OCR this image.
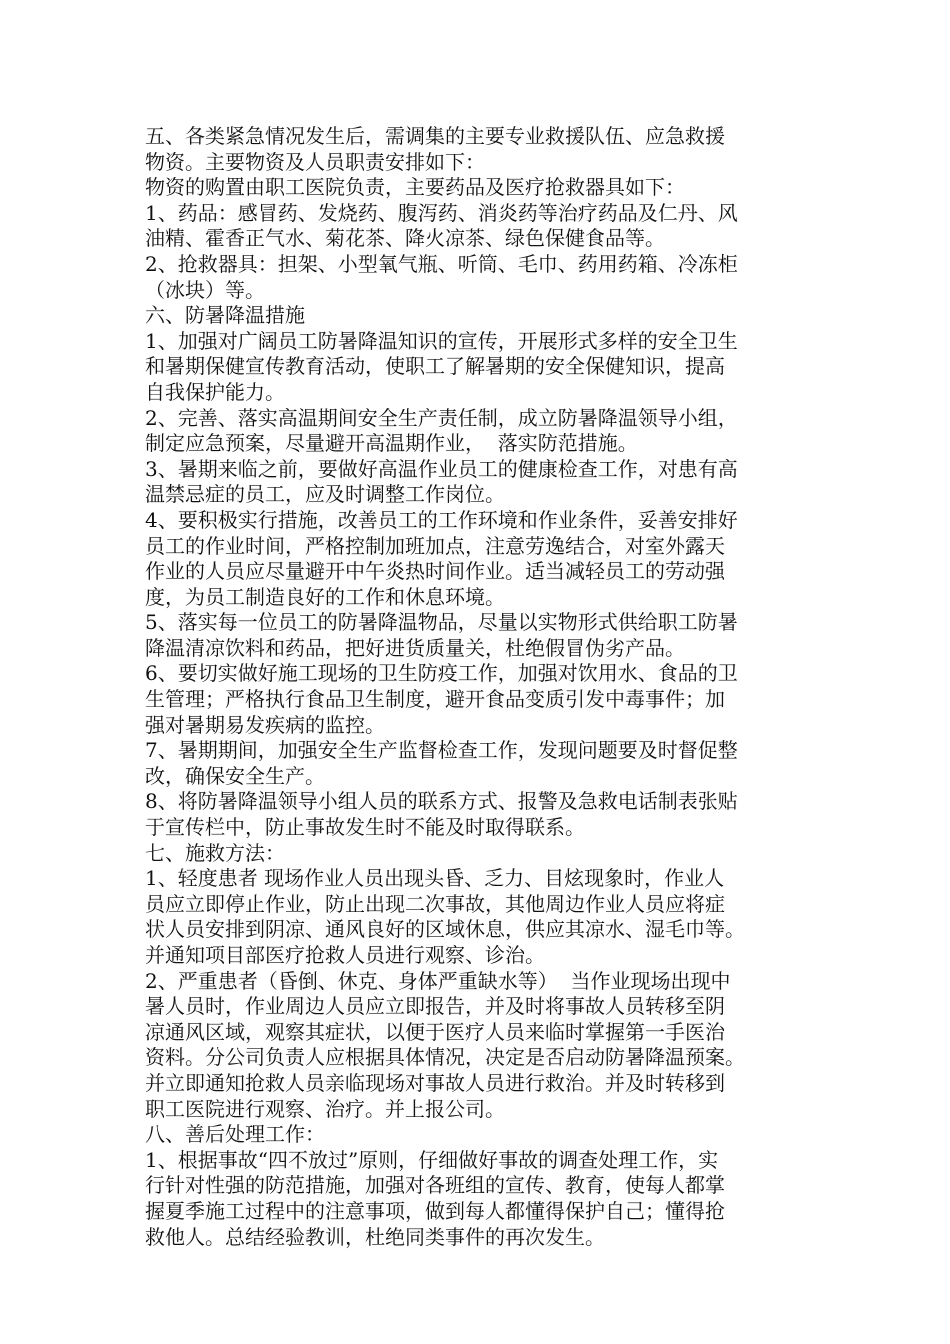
五、各类紧急情况发生后，需调集的主要专业救援队伍、应急救援
物资。主要物资及人员职责安排如下：
物资的购置由职工医院负责，主要药品及医疗抢救器具如下：
1、药品：感冒药、发烧药、腹泻药、消炎药等治疗药品及仁丹、风
油精、霍香正气水、菊花茶、降火凉茶、绿色保健食品等。
2、抢救器具：担架、小型氧气瓶、听筒、毛巾、药用药箱、冷冻柜
（冰块）等。
六、防暑降温措施
1、加强对广阔员工防暑降温知识的宣传，开展形式多样的安全卫生
和暑期保健宣传教育活动，使职工了解暑期的安全保健知识，提高
自我保护能力。
2、完善、落实高温期间安全生产责任制，成立防暑降温领导小组，
制定应急预案，尽量避开高温期作业，  落实防范措施。
3、暑期来临之前，要做好高温作业员工的健康检查工作，对患有高
温禁忌症的员工，应及时调整工作岗位。
4、要积极实行措施，改善员工的工作环境和作业条件，妥善安排好
员工的作业时间，严格控制加班加点，注意劳逸结合，对室外露天
作业的人员应尽量避开中午炎热时间作业。适当减轻员工的劳动强
度，为员工制造良好的工作和休息环境。
5、落实每一位员工的防暑降温物品，尽量以实物形式供给职工防暑
降温清凉饮料和药品，把好进货质量关，杜绝假冒伪劣产品。
6、要切实做好施工现场的卫生防疫工作，加强对饮用水、食品的卫
生管理；严格执行食品卫生制度，避开食品变质引发中毒事件；加
强对暑期易发疾病的监控。
7、暑期期间，加强安全生产监督检查工作，发现问题要及时督促整
改，确保安全生产。
8、将防暑降温领导小组人员的联系方式、报警及急救电话制表张贴
于宣传栏中，防止事故发生时不能及时取得联系。
七、施救方法：
1、轻度患者 现场作业人员出现头昏、乏力、目炫现象时，作业人
员应立即停止作业，防止出现二次事故，其他周边作业人员应将症
状人员安排到阴凉、通风良好的区域休息，供应其凉水、湿毛巾等。
并通知项目部医疗抢救人员进行观察、诊治。
2、严重患者（昏倒、休克、身体严重缺水等）  当作业现场出现中
暑人员时，作业周边人员应立即报告，并及时将事故人员转移至阴
凉通风区域，观察其症状，以便于医疗人员来临时掌握第一手医治
资料。分公司负责人应根据具体情况，决定是否启动防暑降温预案。
并立即通知抢救人员亲临现场对事故人员进行救治。并及时转移到
职工医院进行观察、治疗。并上报公司。
八、善后处理工作：
1、根据事故“四不放过”原则，仔细做好事故的调查处理工作，实
行针对性强的防范措施，加强对各班组的宣传、教育，使每人都掌
握夏季施工过程中的注意事项，做到每人都懂得保护自己；懂得抢
救他人。总结经验教训，杜绝同类事件的再次发生。
